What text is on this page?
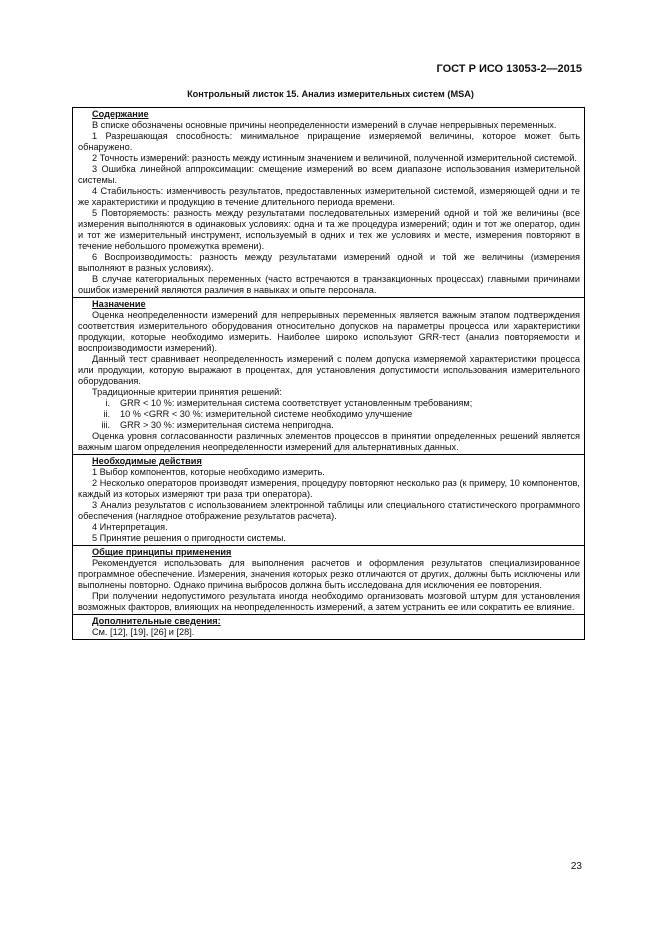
ГОСТ Р ИСО 13053-2—2015
Контрольный листок 15. Анализ измерительных систем (MSA)
Содержание

В списке обозначены основные причины неопределенности измерений в случае непрерывных переменных.

1 Разрешающая способность: минимальное приращение измеряемой величины, которое может быть обнаружено.

2 Точность измерений: разность между истинным значением и величиной, полученной измерительной системой.

3 Ошибка линейной аппроксимации: смещение измерений во всем диапазоне использования измерительной системы.

4 Стабильность: изменчивость результатов, предоставленных измерительной системой, измеряющей одни и те же характеристики и продукцию в течение длительного периода времени.

5 Повторяемость: разность между результатами последовательных измерений одной и той же величины (все измерения выполняются в одинаковых условиях: одна и та же процедура измерений; один и тот же оператор, один и тот же измерительный инструмент, используемый в одних и тех же условиях и месте, измерения повторяют в течение небольшого промежутка времени).

6 Воспроизводимость: разность между результатами измерений одной и той же величины (измерения выполняют в разных условиях).

В случае категориальных переменных (часто встречаются в транзакционных процессах) главными причинами ошибок измерений являются различия в навыках и опыте персонала.

Назначение

Оценка неопределенности измерений для непрерывных переменных является важным этапом подтверждения соответствия измерительного оборудования относительно допусков на параметры процесса или характеристики продукции, которые необходимо измерить. Наиболее широко используют GRR-тест (анализ повторяемости и воспроизводимости измерений).

Данный тест сравнивает неопределенность измерений с полем допуска измеряемой характеристики процесса или продукции, которую выражают в процентах, для установления допустимости использования измерительного оборудования.

Традиционные критерии принятия решений:

i.	GRR < 10 %: измерительная система соответствует установленным требованиям;
ii.	10 % <GRR < 30 %: измерительной системе необходимо улучшение
iii.	GRR > 30 %: измерительная система непригодна.

Оценка уровня согласованности различных элементов процессов в принятии определенных решений является важным шагом определения неопределенности измерений для альтернативных данных.

Необходимые действия

1 Выбор компонентов, которые необходимо измерить.

2 Несколько операторов производят измерения, процедуру повторяют несколько раз (к примеру, 10 компонентов, каждый из которых измеряют три раза три оператора).

3 Анализ результатов с использованием электронной таблицы или специального статистического программного обеспечения (наглядное отображение результатов расчета).

4 Интерпретация.

5 Принятие решения о пригодности системы.

Общие принципы применения

Рекомендуется использовать для выполнения расчетов и оформления результатов специализированное программное обеспечение. Измерения, значения которых резко отличаются от других, должны быть исключены или выполнены повторно. Однако причина выбросов должна быть исследована для исключения ее повторения.

При получении недопустимого результата иногда необходимо организовать мозговой штурм для установления возможных факторов, влияющих на неопределенность измерений, а затем устранить ее или сократить ее влияние.

Дополнительные сведения:

См. [12], [19], [26] и [28].

23
